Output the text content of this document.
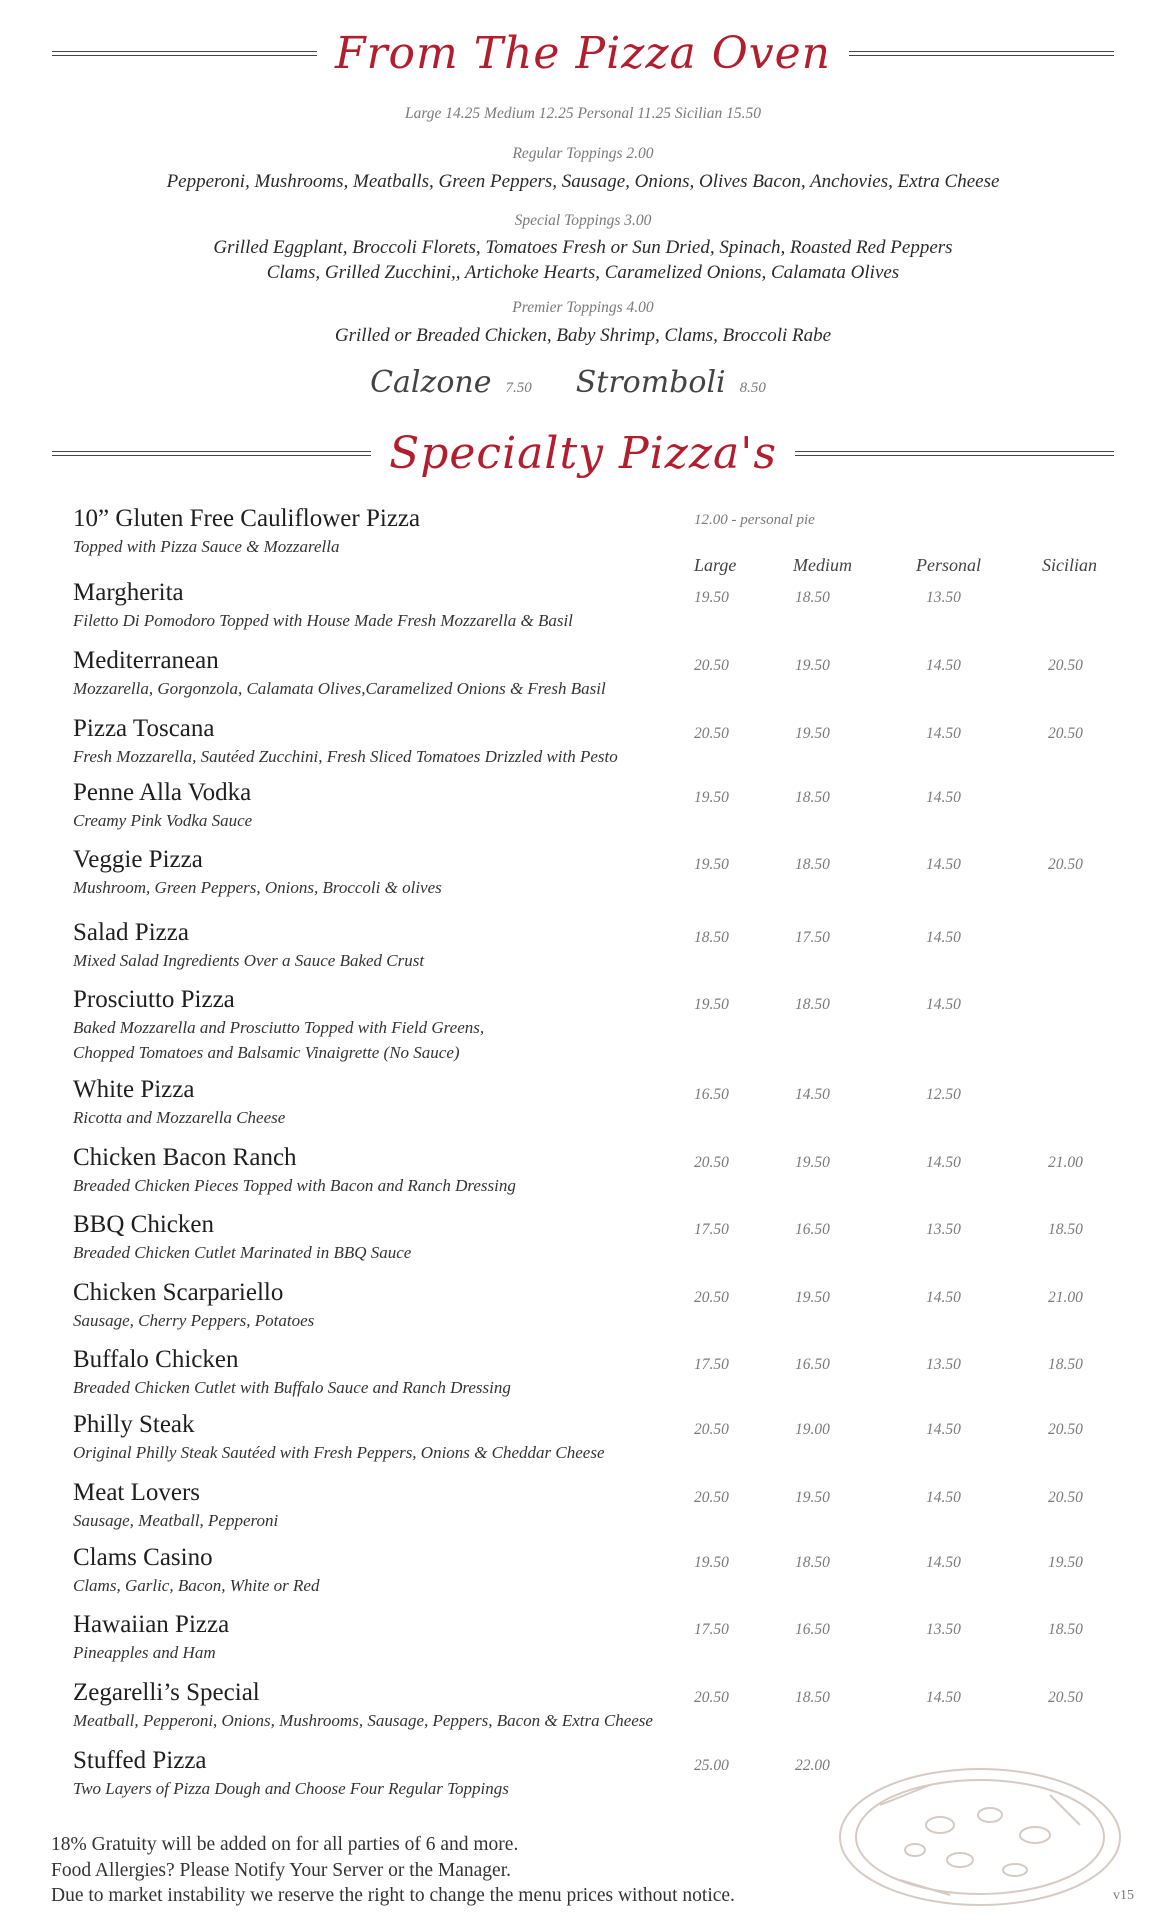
From The Pizza Oven
Large 14.25 Medium 12.25 Personal 11.25 Sicilian 15.50
Regular Toppings 2.00
Pepperoni, Mushrooms, Meatballs, Green Peppers, Sausage, Onions, Olives Bacon, Anchovies, Extra Cheese
Special Toppings 3.00
Grilled Eggplant, Broccoli Florets, Tomatoes Fresh or Sun Dried, Spinach, Roasted Red Peppers
Clams, Grilled Zucchini,, Artichoke Hearts, Caramelized Onions, Calamata Olives
Premier Toppings 4.00
Grilled or Breaded Chicken, Baby Shrimp, Clams, Broccoli Rabe
Calzone 7.50 Stromboli 8.50
Specialty Pizza's
10” Gluten Free Cauliflower Pizza
Topped with Pizza Sauce & Mozzarella
12.00 - personal pie
Large	Medium	Personal	Sicilian
Margherita
Filetto Di Pomodoro Topped with House Made Fresh Mozzarella & Basil
19.50	18.50	13.50
Mediterranean
Mozzarella, Gorgonzola, Calamata Olives,Caramelized Onions & Fresh Basil
20.50	19.50	14.50	20.50
Pizza Toscana
Fresh Mozzarella, Sautéed Zucchini, Fresh Sliced Tomatoes Drizzled with Pesto
20.50	19.50	14.50	20.50
Penne Alla Vodka
Creamy Pink Vodka Sauce
19.50	18.50	14.50
Veggie Pizza
Mushroom, Green Peppers, Onions, Broccoli & olives
19.50	18.50	14.50	20.50
Salad Pizza
Mixed Salad Ingredients Over a Sauce Baked Crust
18.50	17.50	14.50
Prosciutto Pizza
Baked Mozzarella and Prosciutto Topped with Field Greens,
Chopped Tomatoes and Balsamic Vinaigrette (No Sauce)
19.50	18.50	14.50
White Pizza
Ricotta and Mozzarella Cheese
16.50	14.50	12.50
Chicken Bacon Ranch
Breaded Chicken Pieces Topped with Bacon and Ranch Dressing
20.50	19.50	14.50	21.00
BBQ Chicken
Breaded Chicken Cutlet Marinated in BBQ Sauce
17.50	16.50	13.50	18.50
Chicken Scarpariello
Sausage, Cherry Peppers, Potatoes
20.50	19.50	14.50	21.00
Buffalo Chicken
Breaded Chicken Cutlet with Buffalo Sauce and Ranch Dressing
17.50	16.50	13.50	18.50
Philly Steak
Original Philly Steak Sautéed with Fresh Peppers, Onions & Cheddar Cheese
20.50	19.00	14.50	20.50
Meat Lovers
Sausage, Meatball, Pepperoni
20.50	19.50	14.50	20.50
Clams Casino
Clams, Garlic, Bacon, White or Red
19.50	18.50	14.50	19.50
Hawaiian Pizza
Pineapples and Ham
17.50	16.50	13.50	18.50
Zegarelli’s Special
Meatball, Pepperoni, Onions, Mushrooms, Sausage, Peppers, Bacon & Extra Cheese
20.50	18.50	14.50	20.50
Stuffed Pizza
Two Layers of Pizza Dough and Choose Four Regular Toppings
25.00	22.00
18% Gratuity will be added on for all parties of 6 and more.
Food Allergies? Please Notify Your Server or the Manager.
Due to market instability we reserve the right to change the menu prices without notice.	v15
